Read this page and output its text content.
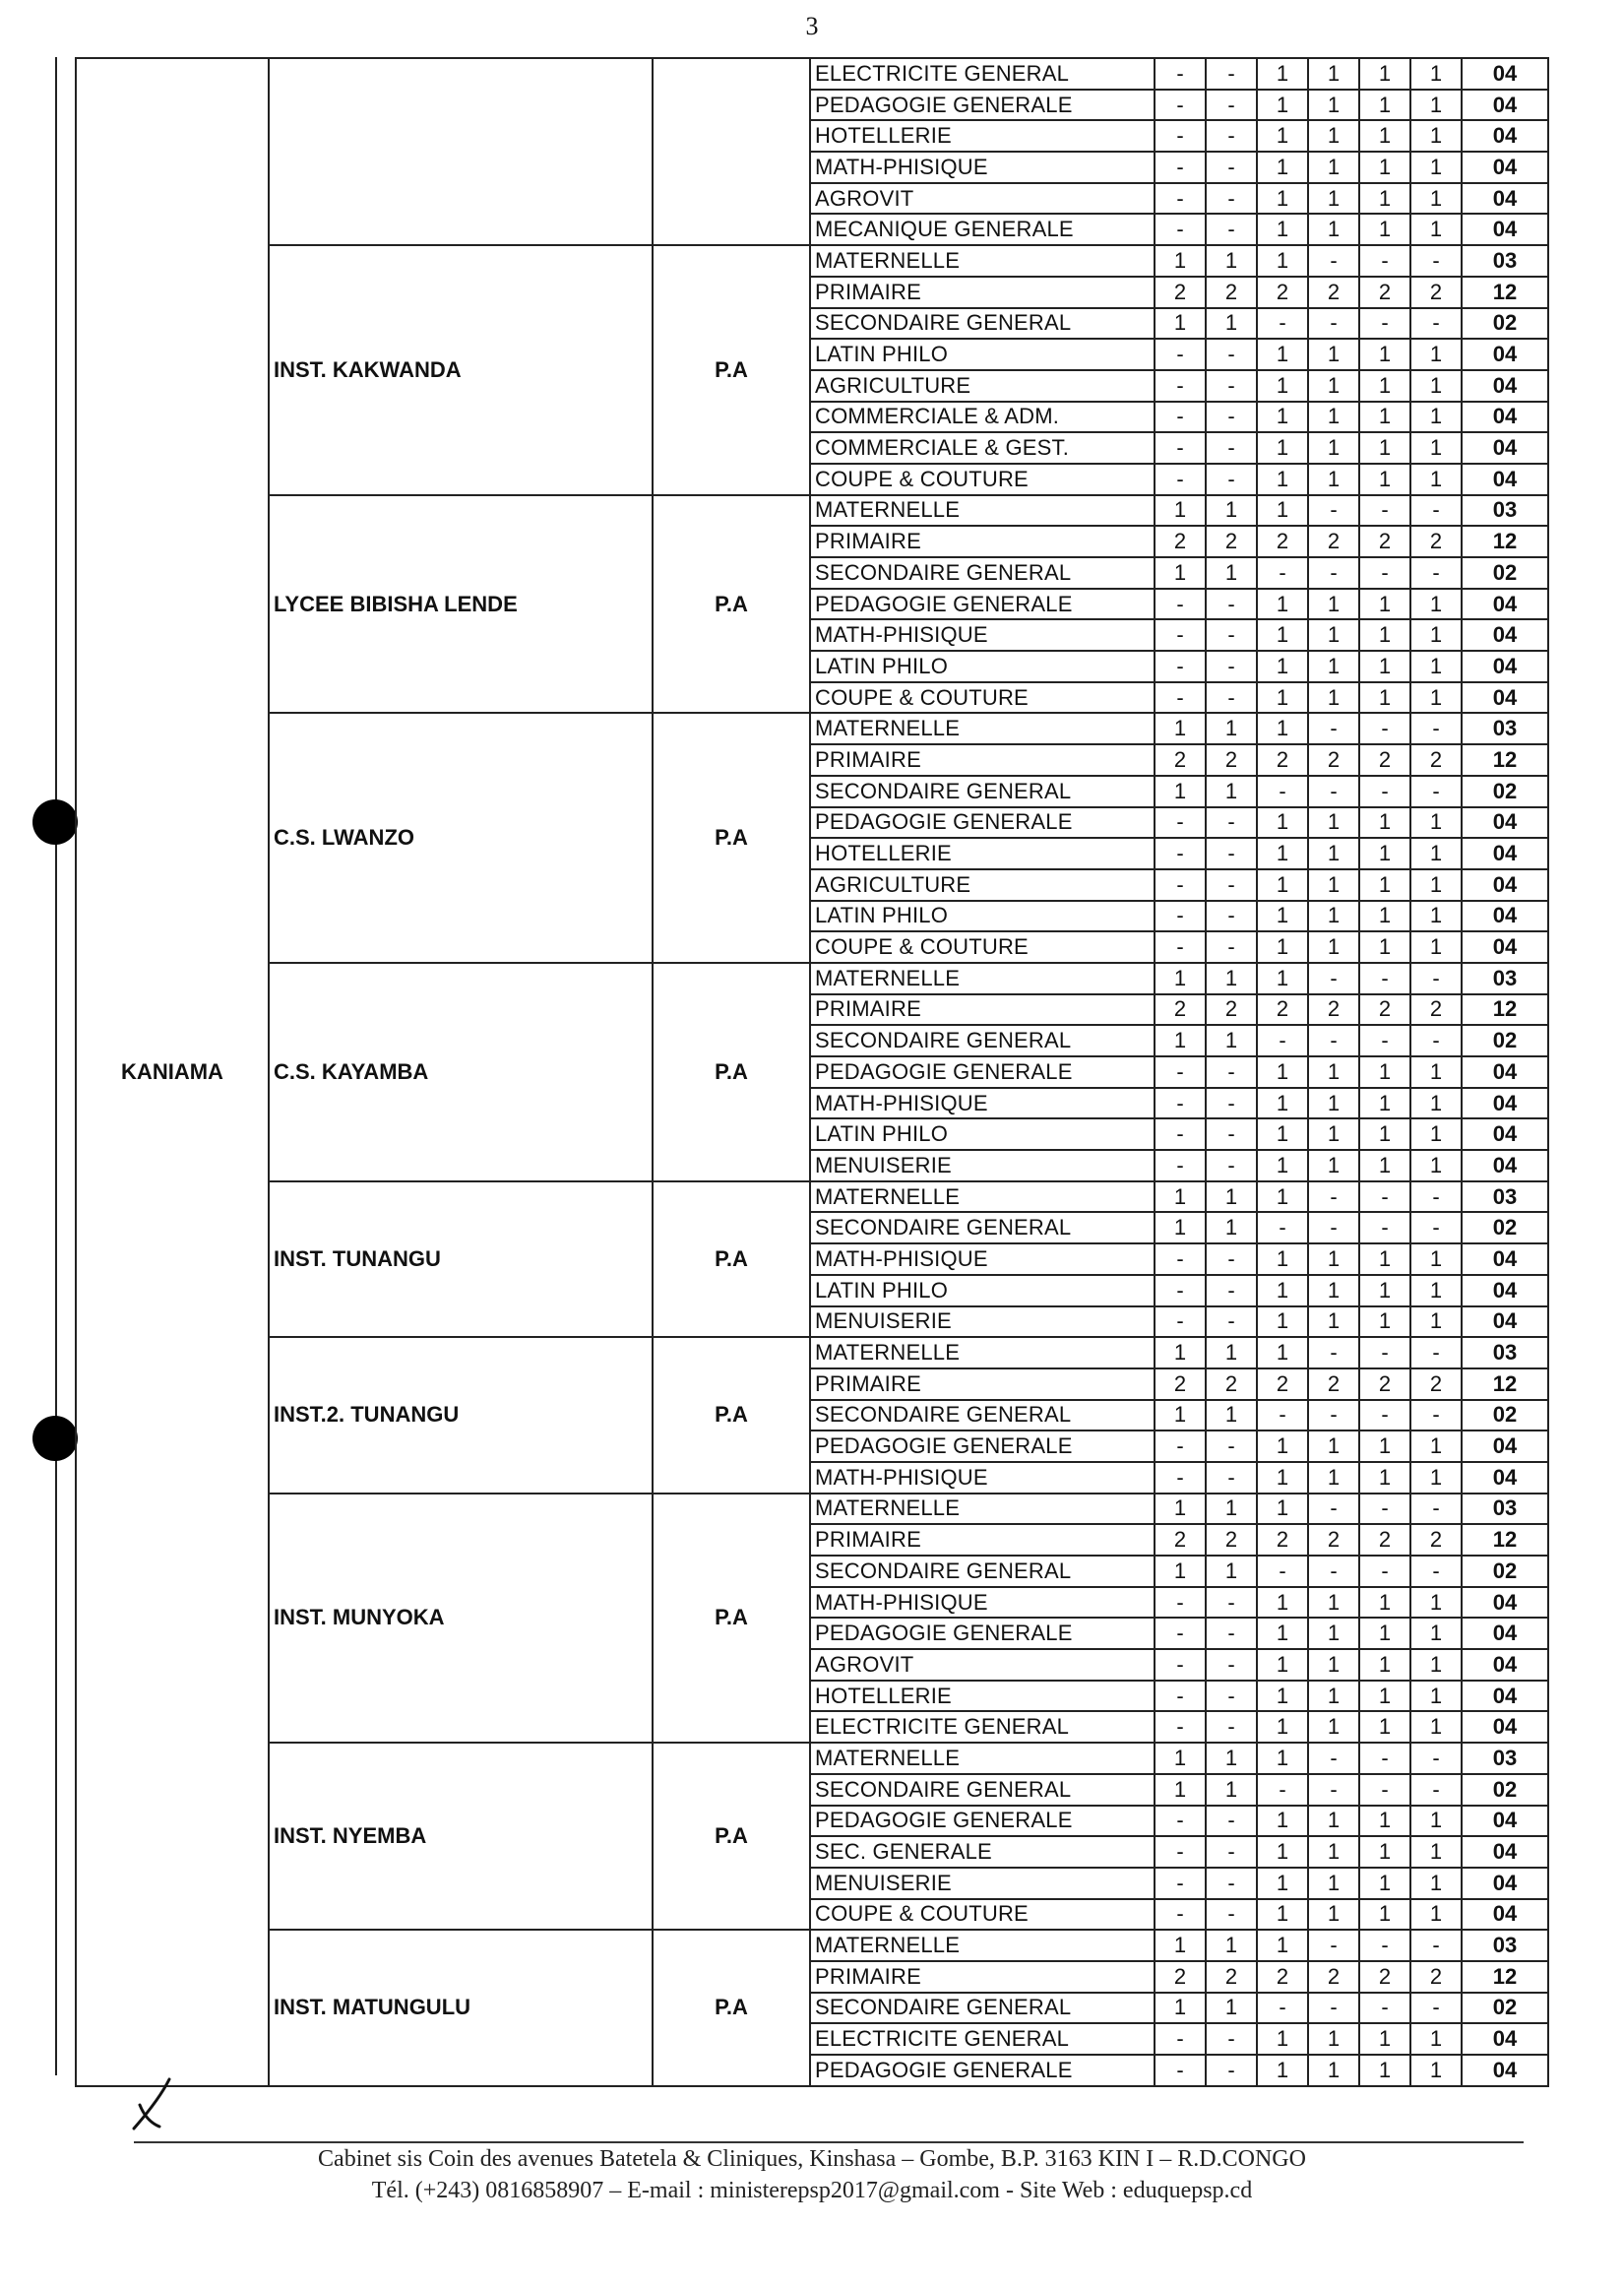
3
KANIAMA			ELECTRICITE GENERAL	-	-	1	1	1	1	04
			PEDAGOGIE GENERALE	-	-	1	1	1	1	04
			HOTELLERIE	-	-	1	1	1	1	04
			MATH-PHISIQUE	-	-	1	1	1	1	04
			AGROVIT	-	-	1	1	1	1	04
			MECANIQUE GENERALE	-	-	1	1	1	1	04
	INST. KAKWANDA	P.A	MATERNELLE	1	1	1	-	-	-	03
			PRIMAIRE	2	2	2	2	2	2	12
			SECONDAIRE GENERAL	1	1	-	-	-	-	02
			LATIN PHILO	-	-	1	1	1	1	04
			AGRICULTURE	-	-	1	1	1	1	04
			COMMERCIALE & ADM.	-	-	1	1	1	1	04
			COMMERCIALE & GEST.	-	-	1	1	1	1	04
			COUPE & COUTURE	-	-	1	1	1	1	04
	LYCEE BIBISHA LENDE	P.A	MATERNELLE	1	1	1	-	-	-	03
			PRIMAIRE	2	2	2	2	2	2	12
			SECONDAIRE GENERAL	1	1	-	-	-	-	02
			PEDAGOGIE GENERALE	-	-	1	1	1	1	04
			MATH-PHISIQUE	-	-	1	1	1	1	04
			LATIN PHILO	-	-	1	1	1	1	04
			COUPE & COUTURE	-	-	1	1	1	1	04
	C.S. LWANZO	P.A	MATERNELLE	1	1	1	-	-	-	03
			PRIMAIRE	2	2	2	2	2	2	12
			SECONDAIRE GENERAL	1	1	-	-	-	-	02
			PEDAGOGIE GENERALE	-	-	1	1	1	1	04
			HOTELLERIE	-	-	1	1	1	1	04
			AGRICULTURE	-	-	1	1	1	1	04
			LATIN PHILO	-	-	1	1	1	1	04
			COUPE & COUTURE	-	-	1	1	1	1	04
	C.S. KAYAMBA	P.A	MATERNELLE	1	1	1	-	-	-	03
			PRIMAIRE	2	2	2	2	2	2	12
			SECONDAIRE GENERAL	1	1	-	-	-	-	02
			PEDAGOGIE GENERALE	-	-	1	1	1	1	04
			MATH-PHISIQUE	-	-	1	1	1	1	04
			LATIN PHILO	-	-	1	1	1	1	04
			MENUISERIE	-	-	1	1	1	1	04
	INST. TUNANGU	P.A	MATERNELLE	1	1	1	-	-	-	03
			SECONDAIRE GENERAL	1	1	-	-	-	-	02
			MATH-PHISIQUE	-	-	1	1	1	1	04
			LATIN PHILO	-	-	1	1	1	1	04
			MENUISERIE	-	-	1	1	1	1	04
	INST.2. TUNANGU	P.A	MATERNELLE	1	1	1	-	-	-	03
			PRIMAIRE	2	2	2	2	2	2	12
			SECONDAIRE GENERAL	1	1	-	-	-	-	02
			PEDAGOGIE GENERALE	-	-	1	1	1	1	04
			MATH-PHISIQUE	-	-	1	1	1	1	04
	INST. MUNYOKA	P.A	MATERNELLE	1	1	1	-	-	-	03
			PRIMAIRE	2	2	2	2	2	2	12
			SECONDAIRE GENERAL	1	1	-	-	-	-	02
			MATH-PHISIQUE	-	-	1	1	1	1	04
			PEDAGOGIE GENERALE	-	-	1	1	1	1	04
			AGROVIT	-	-	1	1	1	1	04
			HOTELLERIE	-	-	1	1	1	1	04
			ELECTRICITE GENERAL	-	-	1	1	1	1	04
	INST. NYEMBA	P.A	MATERNELLE	1	1	1	-	-	-	03
			SECONDAIRE GENERAL	1	1	-	-	-	-	02
			PEDAGOGIE GENERALE	-	-	1	1	1	1	04
			SEC. GENERALE	-	-	1	1	1	1	04
			MENUISERIE	-	-	1	1	1	1	04
			COUPE & COUTURE	-	-	1	1	1	1	04
	INST. MATUNGULU	P.A	MATERNELLE	1	1	1	-	-	-	03
			PRIMAIRE	2	2	2	2	2	2	12
			SECONDAIRE GENERAL	1	1	-	-	-	-	02
			ELECTRICITE GENERAL	-	-	1	1	1	1	04
			PEDAGOGIE GENERALE	-	-	1	1	1	1	04
Cabinet sis Coin des avenues Batetela & Cliniques, Kinshasa – Gombe, B.P. 3163 KIN I – R.D.CONGO
Tél. (+243) 0816858907 – E-mail : ministerepsp2017@gmail.com - Site Web : eduquepsp.cd
